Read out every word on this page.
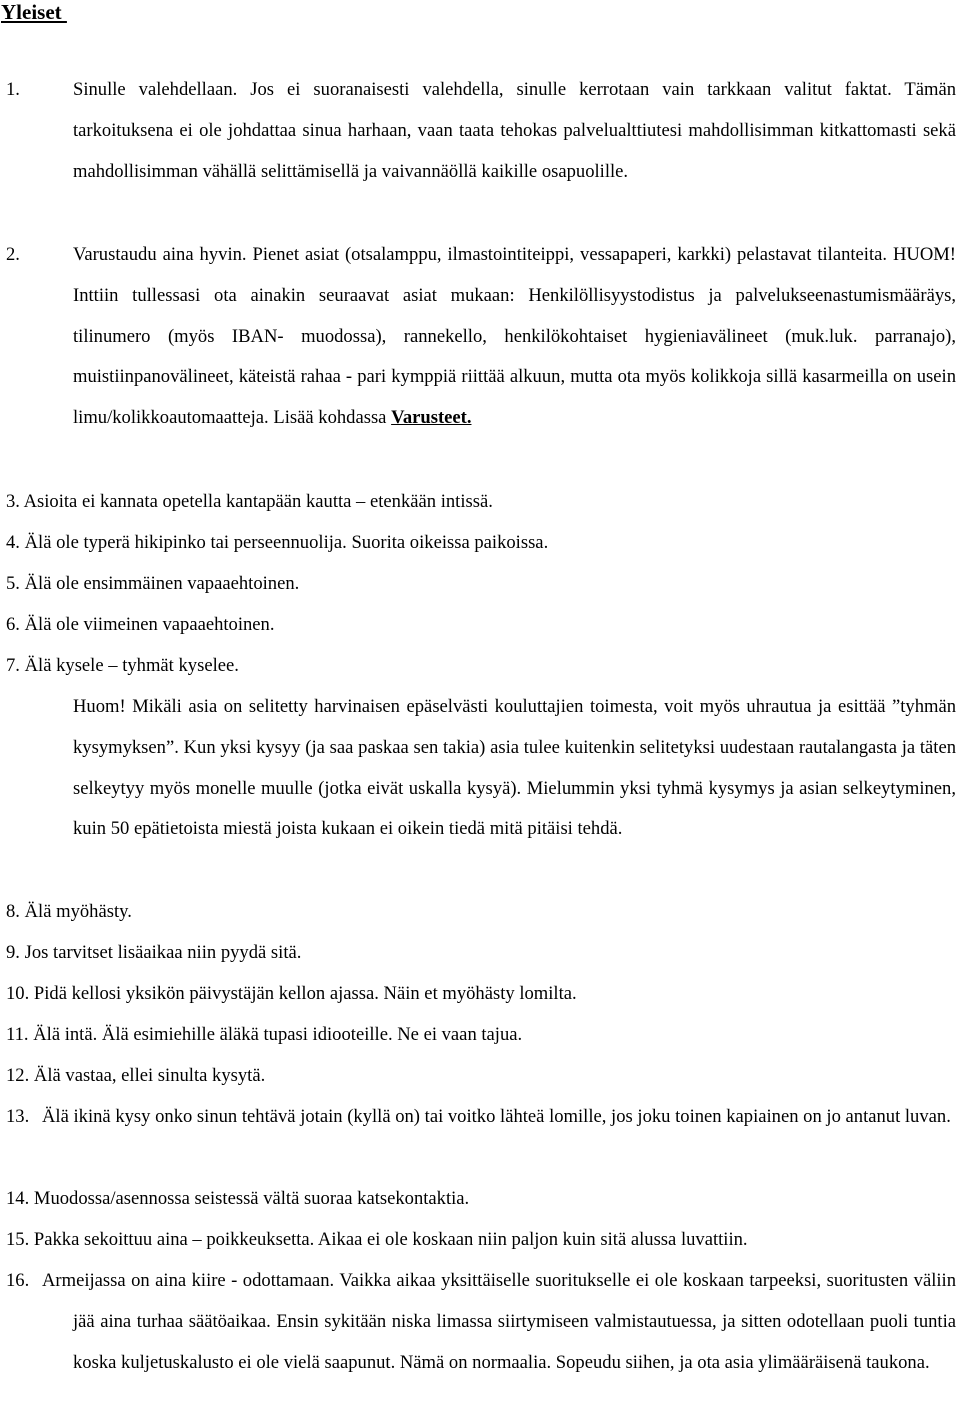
Yleiset
1.	Sinulle valehdellaan. Jos ei suoranaisesti valehdella, sinulle kerrotaan vain tarkkaan valitut faktat. Tämän tarkoituksena ei ole johdattaa sinua harhaan, vaan taata tehokas palvelualttiutesi mahdollisimman kitkattomasti sekä mahdollisimman vähällä selittämisellä ja vaivannäöllä kaikille osapuolille.
2.	Varustaudu aina hyvin. Pienet asiat (otsalamppu, ilmastointiteippi, vessapaperi, karkki) pelastavat tilanteita. HUOM! Inttiin tullessasi ota ainakin seuraavat asiat mukaan: Henkilöllisyystodistus ja palvelukseenastumismääräys, tilinumero (myös IBAN- muodossa), rannekello, henkilökohtaiset hygieniavälineet (muk.luk. parranajo), muistiinpanovälineet, käteistä rahaa - pari kymppiä riittää alkuun, mutta ota myös kolikkoja sillä kasarmeilla on usein limu/kolikkoautomaatteja. Lisää kohdassa Varusteet.
3. Asioita ei kannata opetella kantapään kautta – etenkään intissä.
4. Älä ole typerä hikipinko tai perseennuolija. Suorita oikeissa paikoissa.
5. Älä ole ensimmäinen vapaaehtoinen.
6. Älä ole viimeinen vapaaehtoinen.
7. Älä kysele – tyhmät kyselee.
Huom! Mikäli asia on selitetty harvinaisen epäselvästi kouluttajien toimesta, voit myös uhrautua ja esittää ”tyhmän kysymyksen”. Kun yksi kysyy (ja saa paskaa sen takia) asia tulee kuitenkin selitetyksi uudestaan rautalangasta ja täten selkeytyy myös monelle muulle (jotka eivät uskalla kysyä). Mielummin yksi tyhmä kysymys ja asian selkeytyminen, kuin 50 epätietoista miestä joista kukaan ei oikein tiedä mitä pitäisi tehdä.
8. Älä myöhästy.
9. Jos tarvitset lisäaikaa niin pyydä sitä.
10. Pidä kellosi yksikön päivystäjän kellon ajassa. Näin et myöhästy lomilta.
11. Älä intä. Älä esimiehille äläkä tupasi idiooteille. Ne ei vaan tajua.
12. Älä vastaa, ellei sinulta kysytä.
13. Älä ikinä kysy onko sinun tehtävä jotain (kyllä on) tai voitko lähteä lomille, jos joku toinen kapiainen on jo antanut luvan.
14. Muodossa/asennossa seistessä vältä suoraa katsekontaktia.
15. Pakka sekoittuu aina – poikkeuksetta. Aikaa ei ole koskaan niin paljon kuin sitä alussa luvattiin.
16. Armeijassa on aina kiire - odottamaan. Vaikka aikaa yksittäiselle suoritukselle ei ole koskaan tarpeeksi, suoritusten väliin jää aina turhaa säätöaikaa. Ensin sykitään niska limassa siirtymiseen valmistautuessa, ja sitten odotellaan puoli tuntia koska kuljetuskalusto ei ole vielä saapunut. Nämä on normaalia. Sopeudu siihen, ja ota asia ylimääräisenä taukona.
